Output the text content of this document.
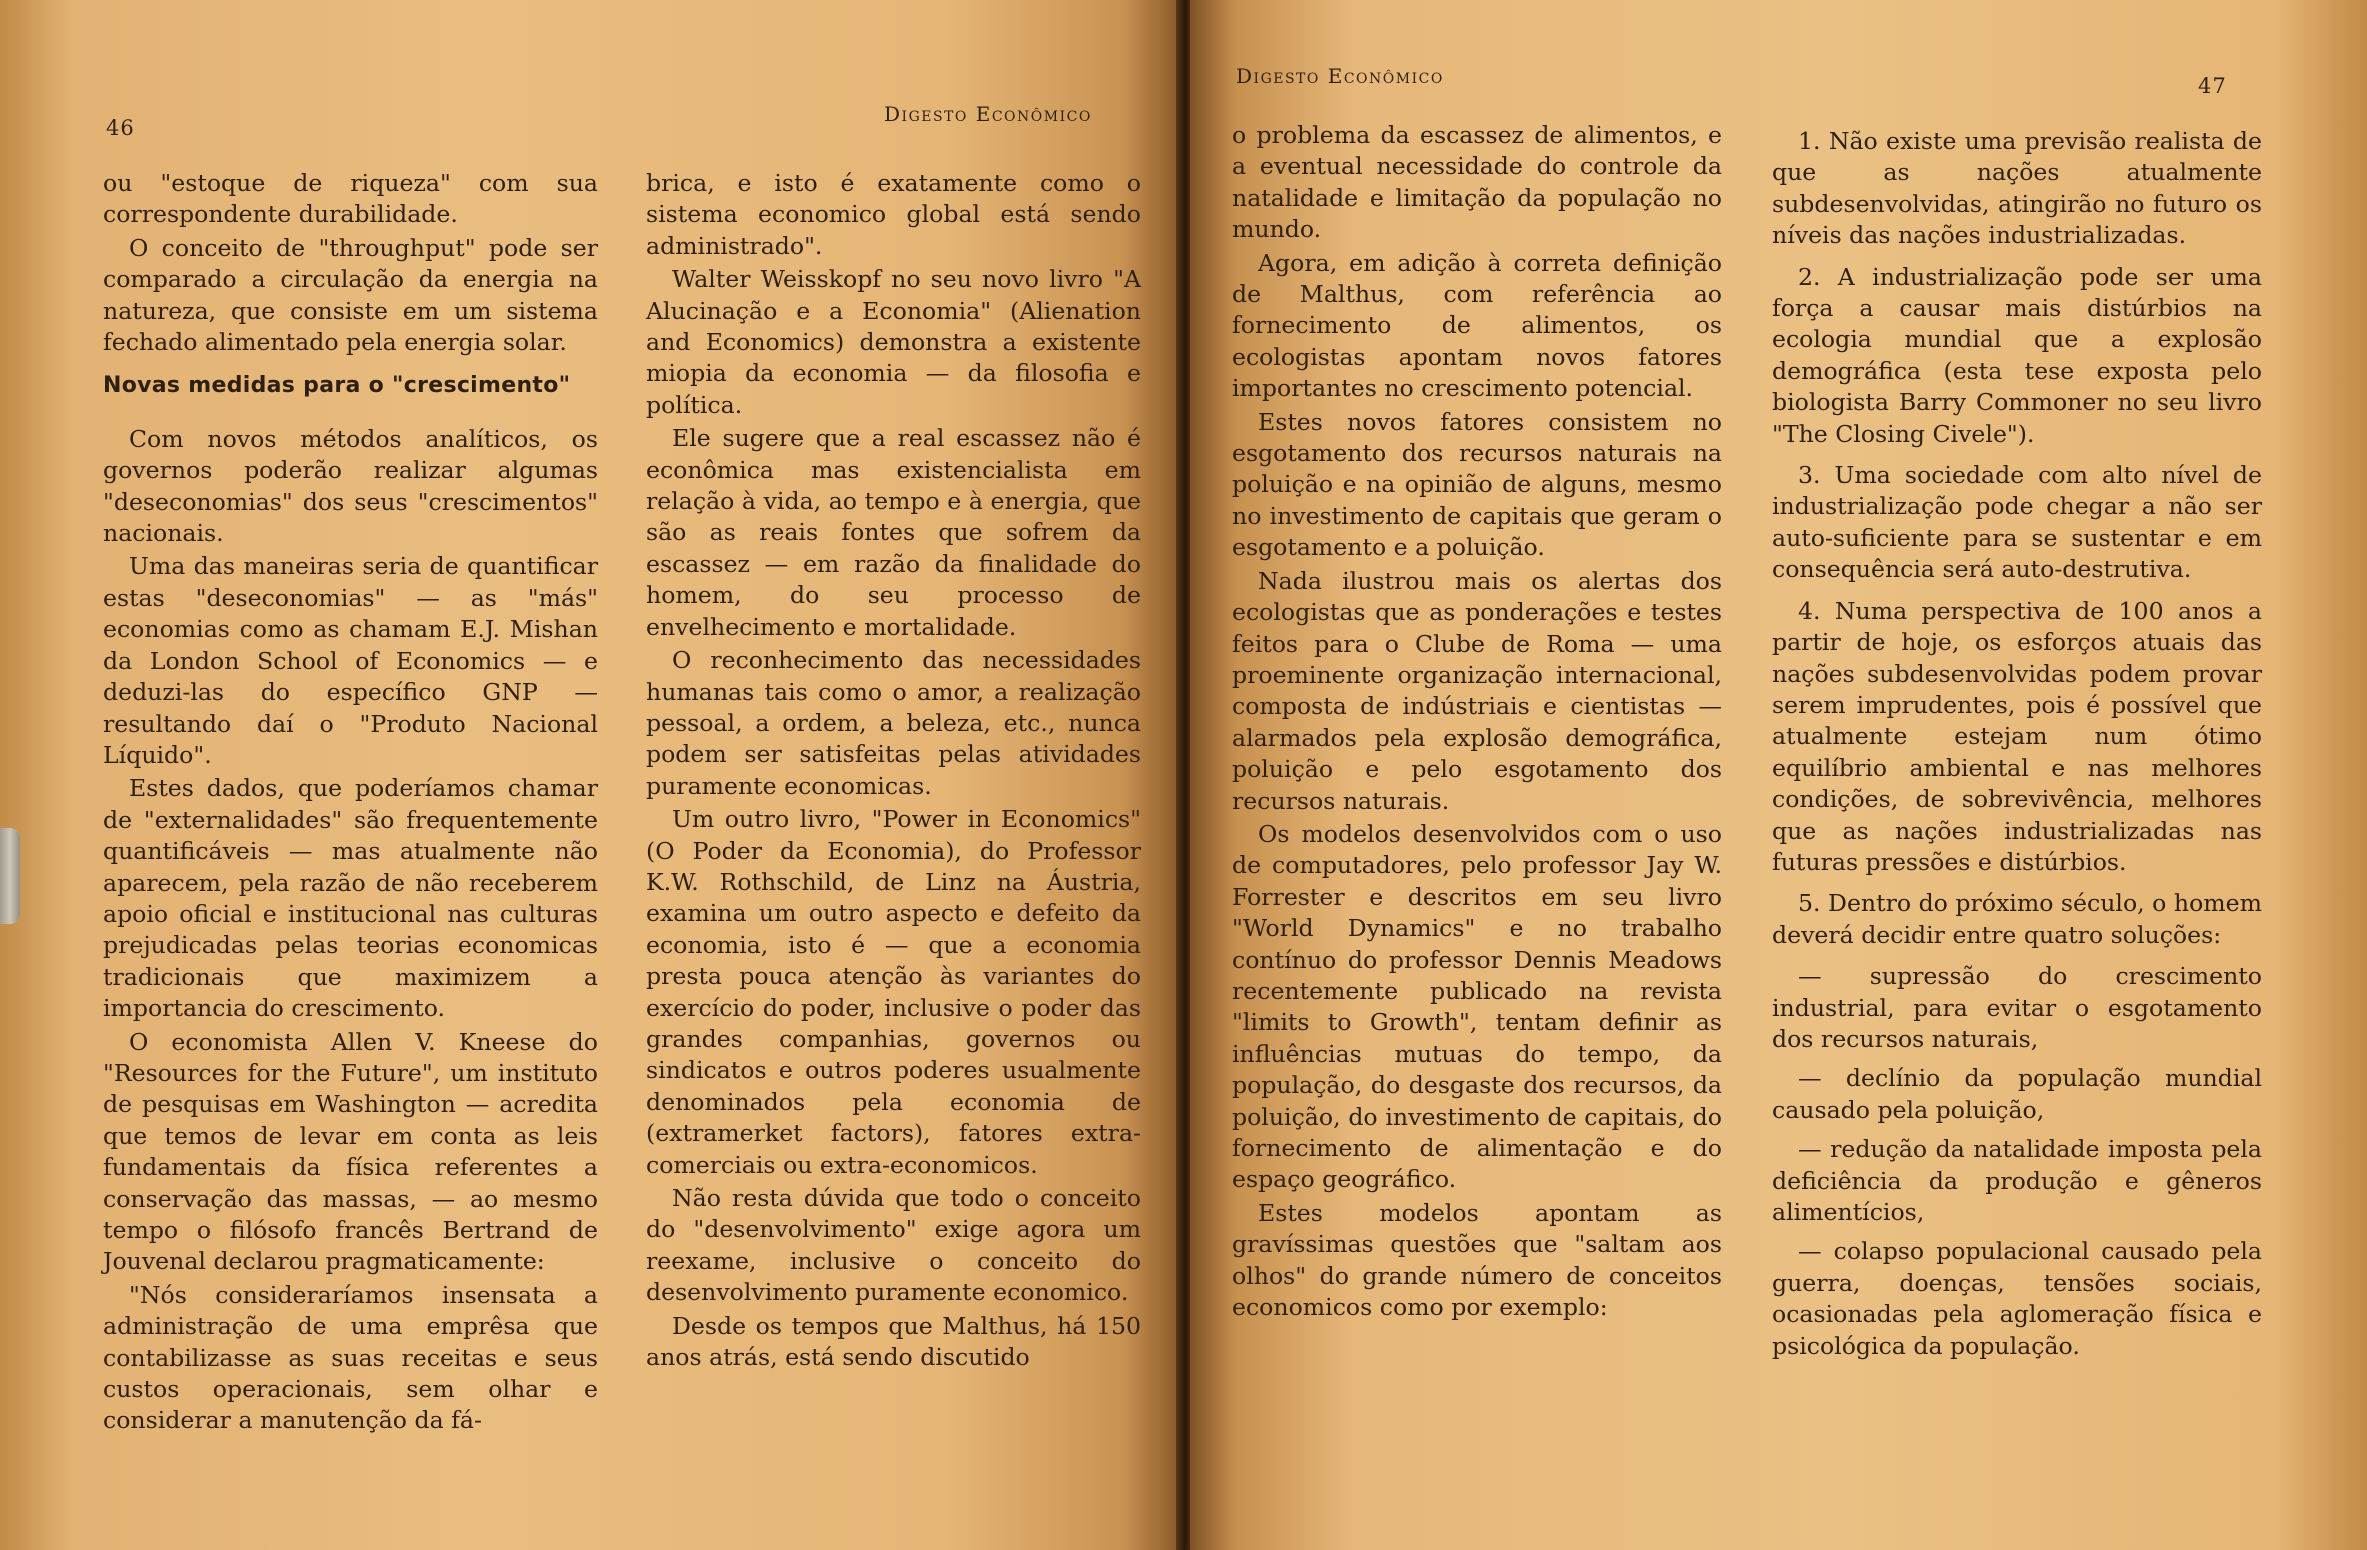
46
Digesto Econômico

ou "estoque de riqueza" com sua correspondente durabilidade.

O conceito de "throughput" pode ser comparado a circulação da energia na natureza, que consiste em um sistema fechado alimentado pela energia solar.

Novas medidas para o "crescimento"

Com novos métodos analíticos, os governos poderão realizar algumas "deseconomias" dos seus "crescimentos" nacionais.

Uma das maneiras seria de quantificar estas "deseconomias" — as "más" economias como as chamam E.J. Mishan da London School of Economics — e deduzi-las do específico GNP — resultando daí o "Produto Nacional Líquido".

Estes dados, que poderíamos chamar de "externalidades" são frequentemente quantificáveis — mas atualmente não aparecem, pela razão de não receberem apoio oficial e institucional nas culturas prejudicadas pelas teorias economicas tradicionais que maximizem a importancia do crescimento.

O economista Allen V. Kneese do "Resources for the Future", um instituto de pesquisas em Washington — acredita que temos de levar em conta as leis fundamentais da física referentes a conservação das massas, — ao mesmo tempo o filósofo francês Bertrand de Jouvenal declarou pragmaticamente:

"Nós consideraríamos insensata a administração de uma emprêsa que contabilizasse as suas receitas e seus custos operacionais, sem olhar e considerar a manutenção da fá-

brica, e isto é exatamente como o sistema economico global está sendo administrado".

Walter Weisskopf no seu novo livro "A Alucinação e a Economia" (Alienation and Economics) demonstra a existente miopia da economia — da filosofia e política.

Ele sugere que a real escassez não é econômica mas existencialista em relação à vida, ao tempo e à energia, que são as reais fontes que sofrem da escassez — em razão da finalidade do homem, do seu processo de envelhecimento e mortalidade.

O reconhecimento das necessidades humanas tais como o amor, a realização pessoal, a ordem, a beleza, etc., nunca podem ser satisfeitas pelas atividades puramente economicas.

Um outro livro, "Power in Economics" (O Poder da Economia), do Professor K.W. Rothschild, de Linz na Áustria, examina um outro aspecto e defeito da economia, isto é — que a economia presta pouca atenção às variantes do exercício do poder, inclusive o poder das grandes companhias, governos ou sindicatos e outros poderes usualmente denominados pela economia de (extramerket factors), fatores extra-comerciais ou extra-economicos.

Não resta dúvida que todo o conceito do "desenvolvimento" exige agora um reexame, inclusive o conceito do desenvolvimento puramente economico.

Desde os tempos que Malthus, há 150 anos atrás, está sendo discutido

Digesto Econômico	47

o problema da escassez de alimentos, e a eventual necessidade do controle da natalidade e limitação da população no mundo.

Agora, em adição à correta definição de Malthus, com referência ao fornecimento de alimentos, os ecologistas apontam novos fatores importantes no crescimento potencial.

Estes novos fatores consistem no esgotamento dos recursos naturais na poluição e na opinião de alguns, mesmo no investimento de capitais que geram o esgotamento e a poluição.

Nada ilustrou mais os alertas dos ecologistas que as ponderações e testes feitos para o Clube de Roma — uma proeminente organização internacional, composta de indústriais e cientistas — alarmados pela explosão demográfica, poluição e pelo esgotamento dos recursos naturais.

Os modelos desenvolvidos com o uso de computadores, pelo professor Jay W. Forrester e descritos em seu livro "World Dynamics" e no trabalho contínuo do professor Dennis Meadows recentemente publicado na revista "limits to Growth", tentam definir as influências mutuas do tempo, da população, do desgaste dos recursos, da poluição, do investimento de capitais, do fornecimento de alimentação e do espaço geográfico.

Estes modelos apontam as gravíssimas questões que "saltam aos olhos" do grande número de conceitos economicos como por exemplo:

1. Não existe uma previsão realista de que as nações atualmente subdesenvolvidas, atingirão no futuro os níveis das nações industrializadas.

2. A industrialização pode ser uma força a causar mais distúrbios na ecologia mundial que a explosão demográfica (esta tese exposta pelo biologista Barry Commoner no seu livro "The Closing Civele").

3. Uma sociedade com alto nível de industrialização pode chegar a não ser auto-suficiente para se sustentar e em consequência será auto-destrutiva.

4. Numa perspectiva de 100 anos a partir de hoje, os esforços atuais das nações subdesenvolvidas podem provar serem imprudentes, pois é possível que atualmente estejam num ótimo equilíbrio ambiental e nas melhores condições, de sobrevivência, melhores que as nações industrializadas nas futuras pressões e distúrbios.

5. Dentro do próximo século, o homem deverá decidir entre quatro soluções:

— supressão do crescimento industrial, para evitar o esgotamento dos recursos naturais,

— declínio da população mundial causado pela poluição,

— redução da natalidade imposta pela deficiência da produção e gêneros alimentícios,

— colapso populacional causado pela guerra, doenças, tensões sociais, ocasionadas pela aglomeração física e psicológica da população.
